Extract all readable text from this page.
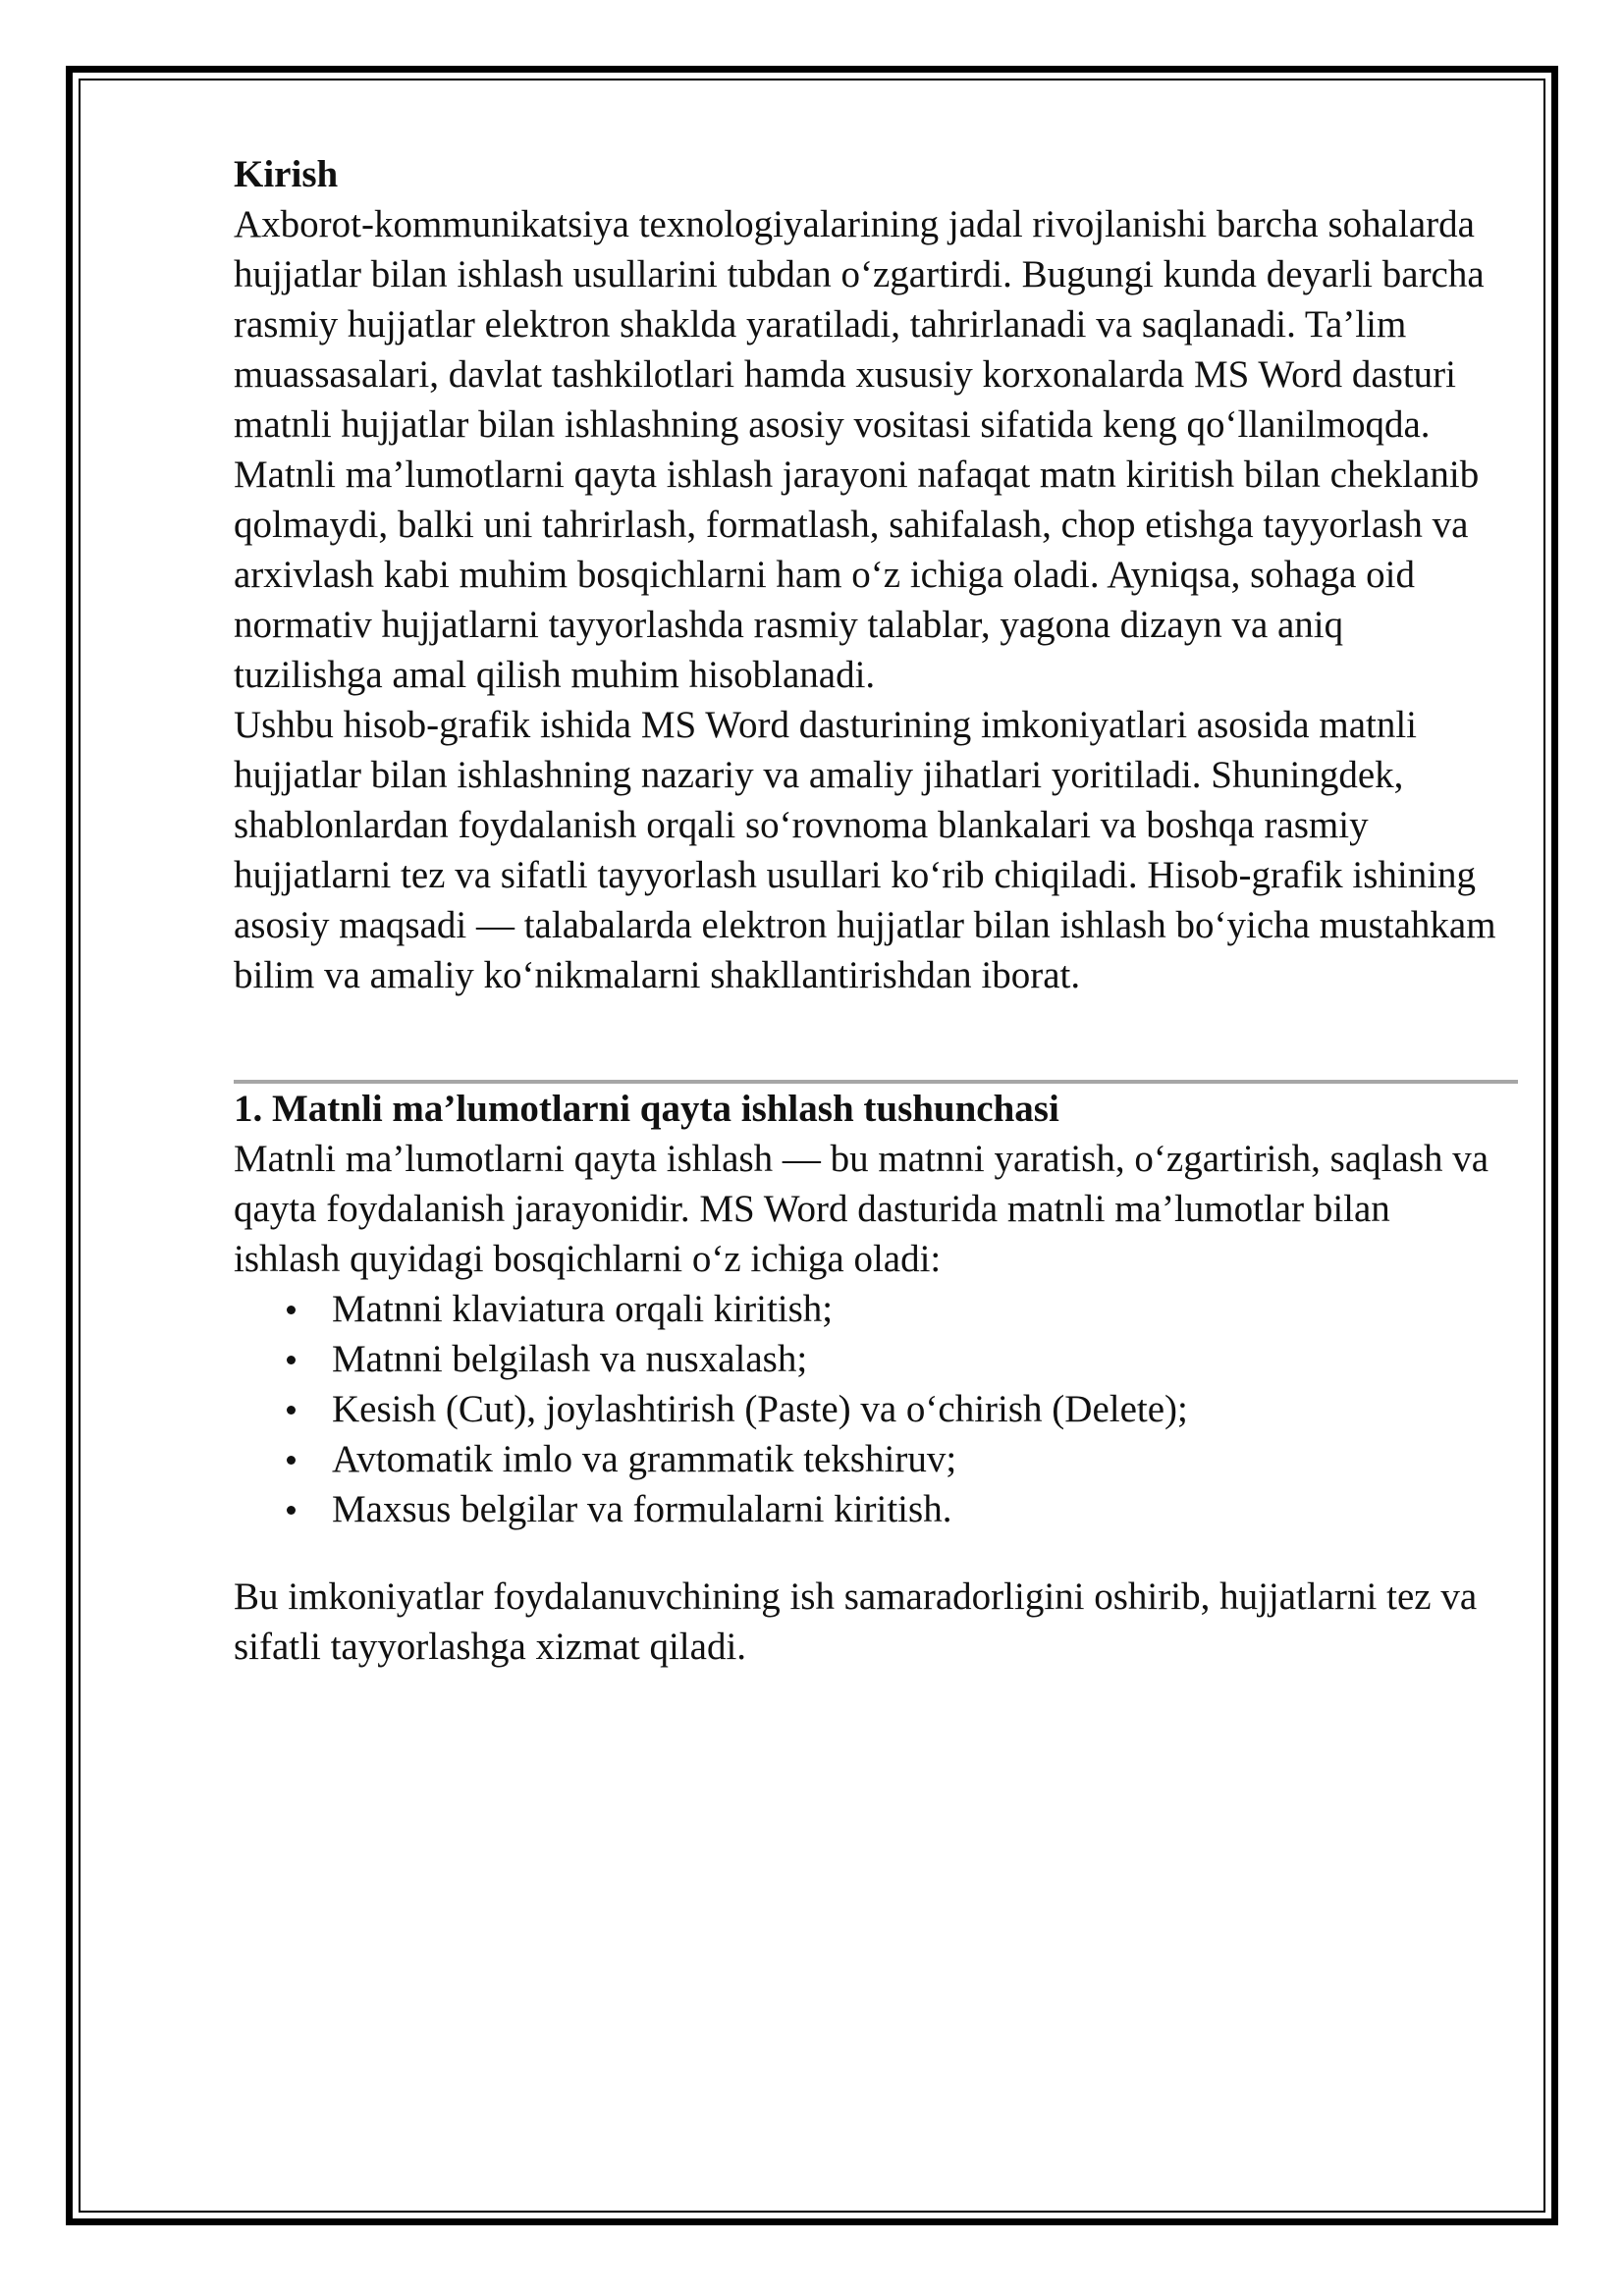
Kirish

Axborot-kommunikatsiya texnologiyalarining jadal rivojlanishi barcha sohalarda hujjatlar bilan ishlash usullarini tubdan o‘zgartirdi. Bugungi kunda deyarli barcha rasmiy hujjatlar elektron shaklda yaratiladi, tahrirlanadi va saqlanadi. Ta’lim muassasalari, davlat tashkilotlari hamda xususiy korxonalarda MS Word dasturi matnli hujjatlar bilan ishlashning asosiy vositasi sifatida keng qo‘llanilmoqda.

Matnli ma’lumotlarni qayta ishlash jarayoni nafaqat matn kiritish bilan cheklanib qolmaydi, balki uni tahrirlash, formatlash, sahifalash, chop etishga tayyorlash va arxivlash kabi muhim bosqichlarni ham o‘z ichiga oladi. Ayniqsa, sohaga oid normativ hujjatlarni tayyorlashda rasmiy talablar, yagona dizayn va aniq tuzilishga amal qilish muhim hisoblanadi.

Ushbu hisob-grafik ishida MS Word dasturining imkoniyatlari asosida matnli hujjatlar bilan ishlashning nazariy va amaliy jihatlari yoritiladi. Shuningdek, shablonlardan foydalanish orqali so‘rovnoma blankalari va boshqa rasmiy hujjatlarni tez va sifatli tayyorlash usullari ko‘rib chiqiladi. Hisob-grafik ishining asosiy maqsadi — talabalarda elektron hujjatlar bilan ishlash bo‘yicha mustahkam bilim va amaliy ko‘nikmalarni shakllantirishdan iborat.

1. Matnli ma’lumotlarni qayta ishlash tushunchasi

Matnli ma’lumotlarni qayta ishlash — bu matnni yaratish, o‘zgartirish, saqlash va qayta foydalanish jarayonidir. MS Word dasturida matnli ma’lumotlar bilan ishlash quyidagi bosqichlarni o‘z ichiga oladi:

Matnni klaviatura orqali kiritish;
Matnni belgilash va nusxalash;
Kesish (Cut), joylashtirish (Paste) va o‘chirish (Delete);
Avtomatik imlo va grammatik tekshiruv;
Maxsus belgilar va formulalarni kiritish.

Bu imkoniyatlar foydalanuvchining ish samaradorligini oshirib, hujjatlarni tez va sifatli tayyorlashga xizmat qiladi.
